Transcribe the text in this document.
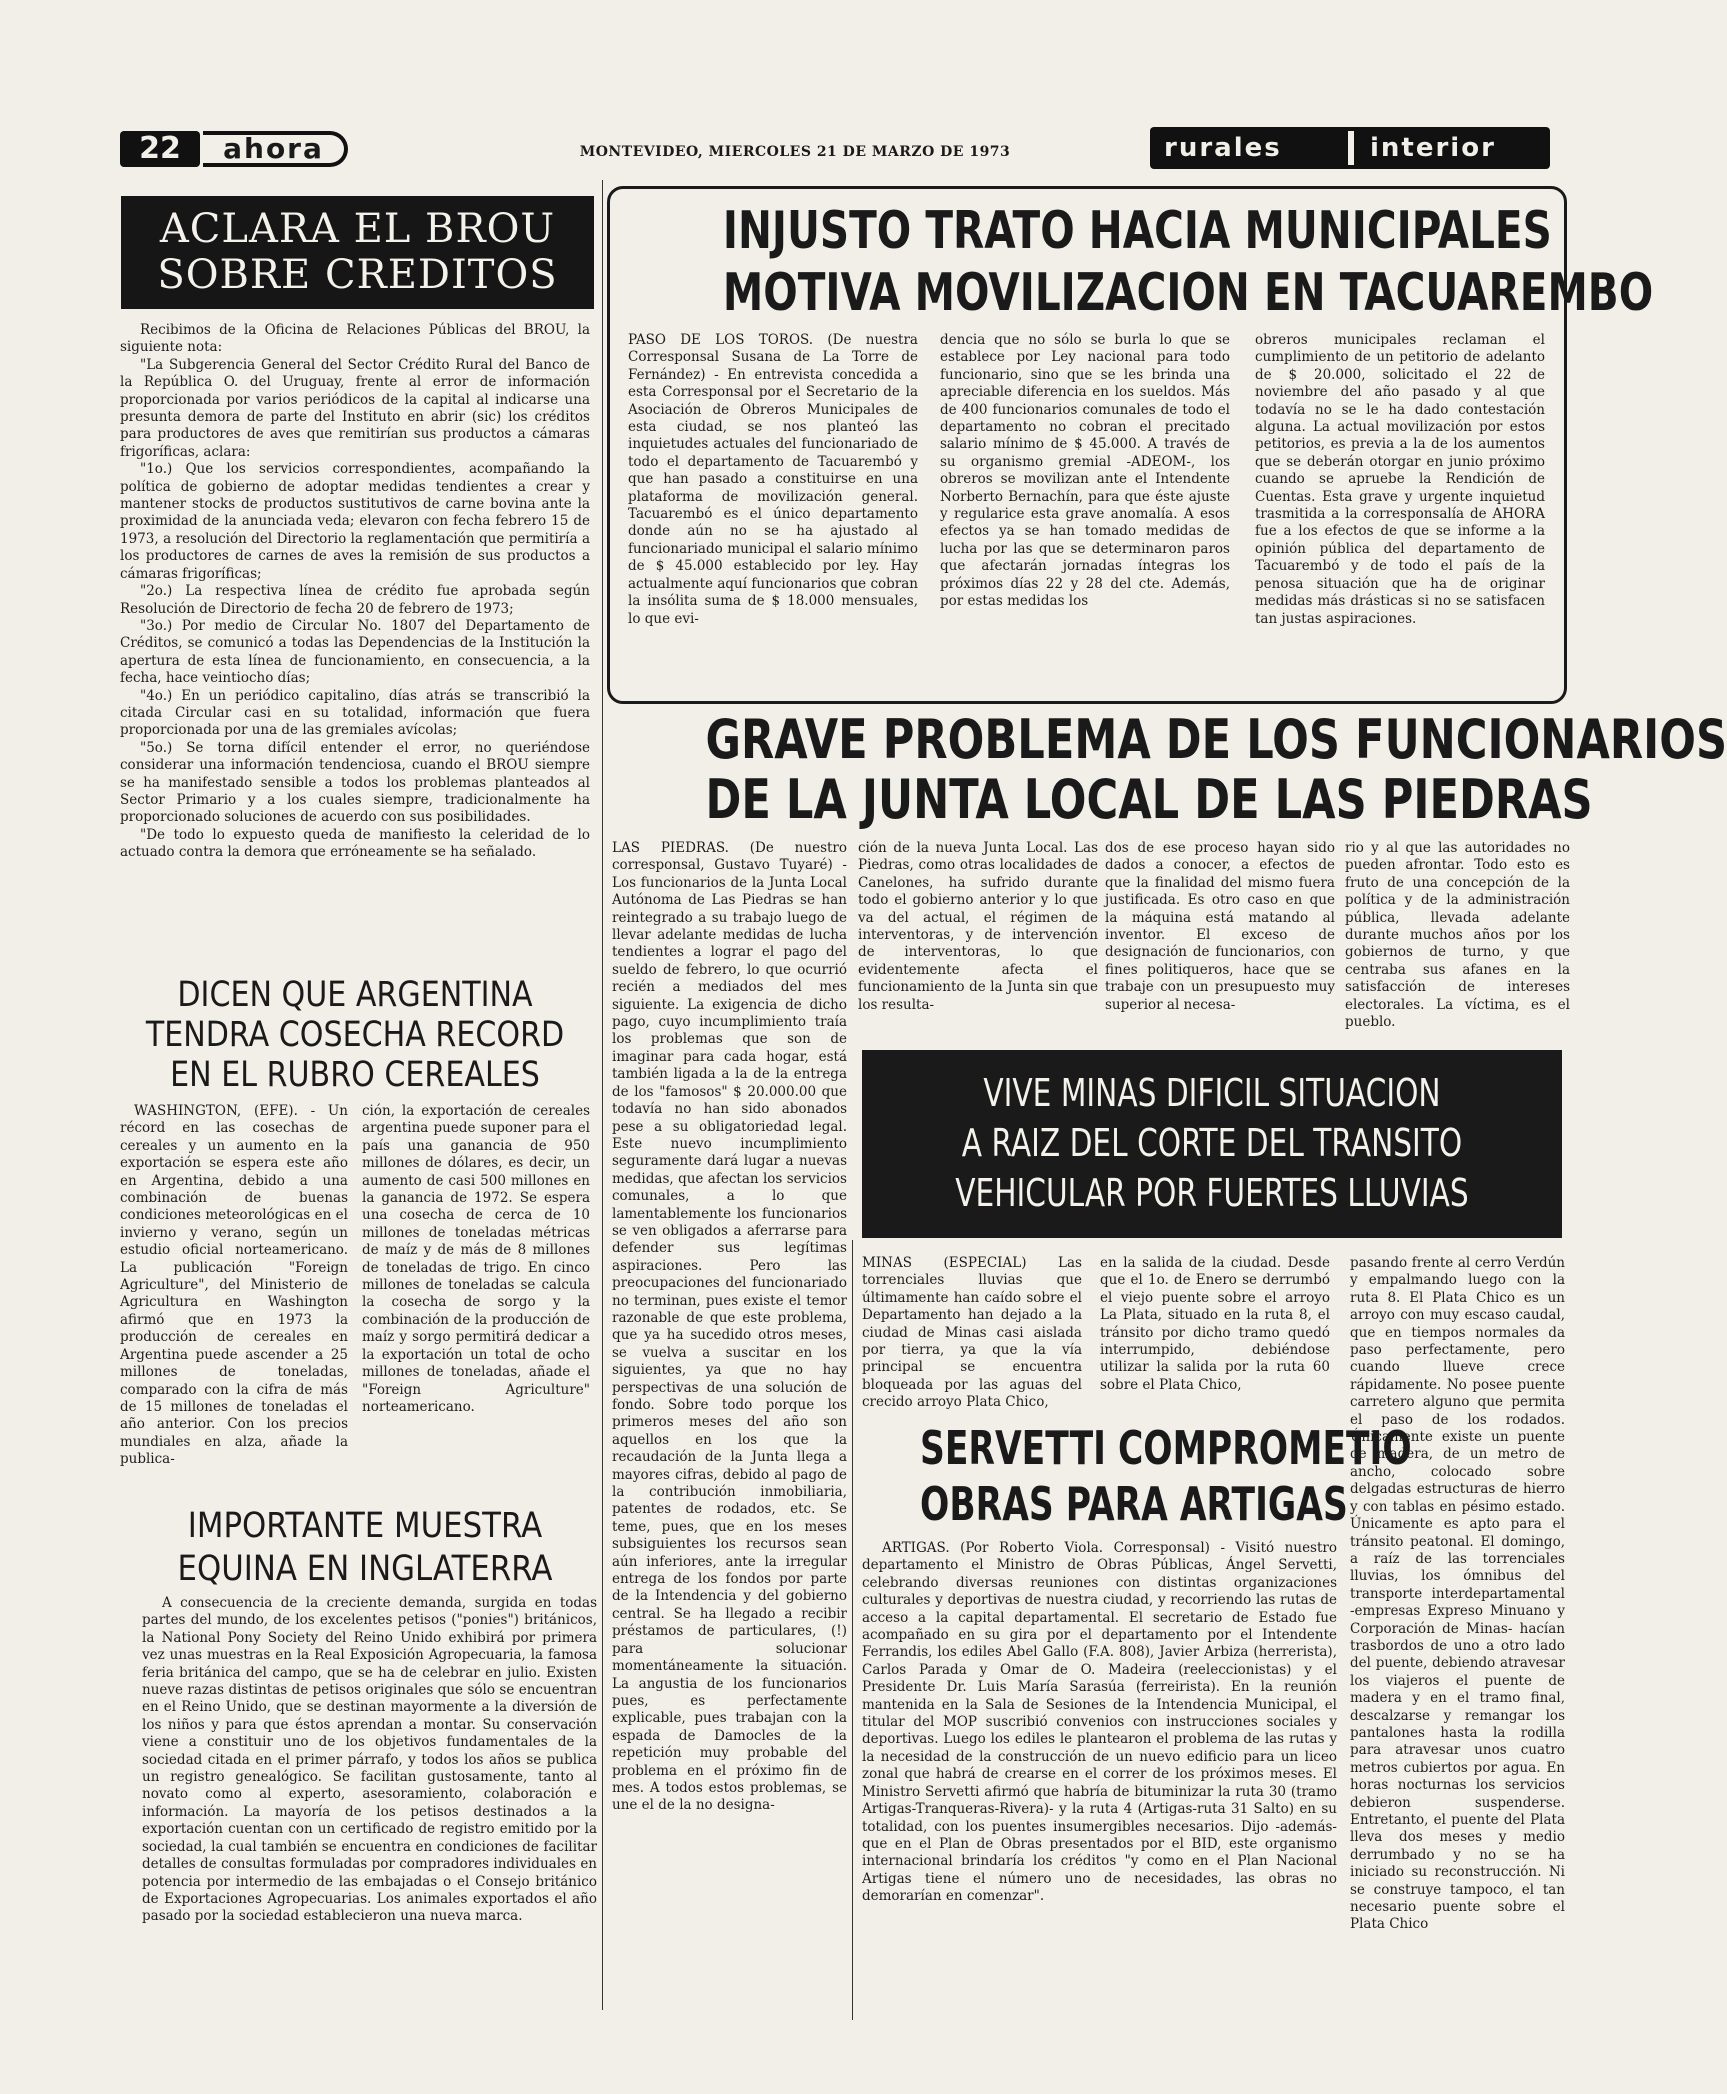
22	ahora	MONTEVIDEO, MIERCOLES 21 DE MARZO DE 1973	rurales	interior
ACLARA EL BROU
SOBRE CREDITOS

Recibimos de la Oficina de Relaciones Públicas del BROU, la siguiente nota:

"La Subgerencia General del Sector Crédito Rural del Banco de la República O. del Uruguay, frente al error de información proporcionada por varios periódicos de la capital al indicarse una presunta demora de parte del Instituto en abrir (sic) los créditos para productores de aves que remitirían sus productos a cámaras frigoríficas, aclara:

"1o.) Que los servicios correspondientes, acompañando la política de gobierno de adoptar medidas tendientes a crear y mantener stocks de productos sustitutivos de carne bovina ante la proximidad de la anunciada veda; elevaron con fecha febrero 15 de 1973, a resolución del Directorio la reglamentación que permitiría a los productores de carnes de aves la remisión de sus productos a cámaras frigoríficas;

"2o.) La respectiva línea de crédito fue aprobada según Resolución de Directorio de fecha 20 de febrero de 1973;

"3o.) Por medio de Circular No. 1807 del Departamento de Créditos, se comunicó a todas las Dependencias de la Institución la apertura de esta línea de funcionamiento, en consecuencia, a la fecha, hace veintiocho días;

"4o.) En un periódico capitalino, días atrás se transcribió la citada Circular casi en su totalidad, información que fuera proporcionada por una de las gremiales avícolas;

"5o.) Se torna difícil entender el error, no queriéndose considerar una información tendenciosa, cuando el BROU siempre se ha manifestado sensible a todos los problemas planteados al Sector Primario y a los cuales siempre, tradicionalmente ha proporcionado soluciones de acuerdo con sus posibilidades.

"De todo lo expuesto queda de manifiesto la celeridad de lo actuado contra la demora que erróneamente se ha señalado.

DICEN QUE ARGENTINA
TENDRA COSECHA RECORD
EN EL RUBRO CEREALES
WASHINGTON, (EFE). - Un récord en las cosechas de cereales y un aumento en la exportación se espera este año en Argentina, debido a una combinación de buenas condiciones meteorológicas en el invierno y verano, según un estudio oficial norteamericano. La publicación "Foreign Agriculture", del Ministerio de Agricultura en Washington afirmó que en 1973 la producción de cereales en Argentina puede ascender a 25 millones de toneladas, comparado con la cifra de más de 15 millones de toneladas el año anterior. Con los precios mundiales en alza, añade la publica-
ción, la exportación de cereales argentina puede suponer para el país una ganancia de 950 millones de dólares, es decir, un aumento de casi 500 millones en la ganancia de 1972. Se espera una cosecha de cerca de 10 millones de toneladas métricas de maíz y de más de 8 millones de toneladas de trigo. En cinco millones de toneladas se calcula la cosecha de sorgo y la combinación de la producción de maíz y sorgo permitirá dedicar a la exportación un total de ocho millones de toneladas, añade el "Foreign Agriculture" norteamericano.
IMPORTANTE MUESTRA
EQUINA EN INGLATERRA
A consecuencia de la creciente demanda, surgida en todas partes del mundo, de los excelentes petisos ("ponies") británicos, la National Pony Society del Reino Unido exhibirá por primera vez unas muestras en la Real Exposición Agropecuaria, la famosa feria británica del campo, que se ha de celebrar en julio. Existen nueve razas distintas de petisos originales que sólo se encuentran en el Reino Unido, que se destinan mayormente a la diversión de los niños y para que éstos aprendan a montar. Su conservación viene a constituir uno de los objetivos fundamentales de la sociedad citada en el primer párrafo, y todos los años se publica un registro genealógico. Se facilitan gustosamente, tanto al novato como al experto, asesoramiento, colaboración e información. La mayoría de los petisos destinados a la exportación cuentan con un certificado de registro emitido por la sociedad, la cual también se encuentra en condiciones de facilitar detalles de consultas formuladas por compradores individuales en potencia por intermedio de las embajadas o el Consejo británico de Exportaciones Agropecuarias. Los animales exportados el año pasado por la sociedad establecieron una nueva marca.
INJUSTO TRATO HACIA MUNICIPALES
MOTIVA MOVILIZACION EN TACUAREMBO
PASO DE LOS TOROS. (De nuestra Corresponsal Susana de La Torre de Fernández) - En entrevista concedida a esta Corresponsal por el Secretario de la Asociación de Obreros Municipales de esta ciudad, se nos planteó las inquietudes actuales del funcionariado de todo el departamento de Tacuarembó y que han pasado a constituirse en una plataforma de movilización general. Tacuarembó es el único departamento donde aún no se ha ajustado al funcionariado municipal el salario mínimo de $ 45.000 establecido por ley. Hay actualmente aquí funcionarios que cobran la insólita suma de $ 18.000 mensuales, lo que evi-
dencia que no sólo se burla lo que se establece por Ley nacional para todo funcionario, sino que se les brinda una apreciable diferencia en los sueldos. Más de 400 funcionarios comunales de todo el departamento no cobran el precitado salario mínimo de $ 45.000. A través de su organismo gremial -ADEOM-, los obreros se movilizan ante el Intendente Norberto Bernachín, para que éste ajuste y regularice esta grave anomalía. A esos efectos ya se han tomado medidas de lucha por las que se determinaron paros que afectarán jornadas íntegras los próximos días 22 y 28 del cte. Además, por estas medidas los
obreros municipales reclaman el cumplimiento de un petitorio de adelanto de $ 20.000, solicitado el 22 de noviembre del año pasado y al que todavía no se le ha dado contestación alguna. La actual movilización por estos petitorios, es previa a la de los aumentos que se deberán otorgar en junio próximo cuando se apruebe la Rendición de Cuentas. Esta grave y urgente inquietud trasmitida a la corresponsalía de AHORA fue a los efectos de que se informe a la opinión pública del departamento de Tacuarembó y de todo el país de la penosa situación que ha de originar medidas más drásticas si no se satisfacen tan justas aspiraciones.
GRAVE PROBLEMA DE LOS FUNCIONARIOS
DE LA JUNTA LOCAL DE LAS PIEDRAS
LAS PIEDRAS. (De nuestro corresponsal, Gustavo Tuyaré) - Los funcionarios de la Junta Local Autónoma de Las Piedras se han reintegrado a su trabajo luego de llevar adelante medidas de lucha tendientes a lograr el pago del sueldo de febrero, lo que ocurrió recién a mediados del mes siguiente. La exigencia de dicho pago, cuyo incumplimiento traía los problemas que son de imaginar para cada hogar, está también ligada a la de la entrega de los "famosos" $ 20.000.00 que todavía no han sido abonados pese a su obligatoriedad legal. Este nuevo incumplimiento seguramente dará lugar a nuevas medidas, que afectan los servicios comunales, a lo que lamentablemente los funcionarios se ven obligados a aferrarse para defender sus legítimas aspiraciones. Pero las preocupaciones del funcionariado no terminan, pues existe el temor razonable de que este problema, que ya ha sucedido otros meses, se vuelva a suscitar en los siguientes, ya que no hay perspectivas de una solución de fondo. Sobre todo porque los primeros meses del año son aquellos en los que la recaudación de la Junta llega a mayores cifras, debido al pago de la contribución inmobiliaria, patentes de rodados, etc. Se teme, pues, que en los meses subsiguientes los recursos sean aún inferiores, ante la irregular entrega de los fondos por parte de la Intendencia y del gobierno central. Se ha llegado a recibir préstamos de particulares, (!) para solucionar momentáneamente la situación. La angustia de los funcionarios pues, es perfectamente explicable, pues trabajan con la espada de Damocles de la repetición muy probable del problema en el próximo fin de mes. A todos estos problemas, se une el de la no designa-
ción de la nueva Junta Local. Las Piedras, como otras localidades de Canelones, ha sufrido durante todo el gobierno anterior y lo que va del actual, el régimen de interventoras, y de intervención de interventoras, lo que evidentemente afecta el funcionamiento de la Junta sin que los resulta-
dos de ese proceso hayan sido dados a conocer, a efectos de que la finalidad del mismo fuera justificada. Es otro caso en que la máquina está matando al inventor. El exceso de designación de funcionarios, con fines politiqueros, hace que se trabaje con un presupuesto muy superior al necesa-
rio y al que las autoridades no pueden afrontar. Todo esto es fruto de una concepción de la política y de la administración pública, llevada adelante durante muchos años por los gobiernos de turno, y que centraba sus afanes en la satisfacción de intereses electorales. La víctima, es el pueblo.
VIVE MINAS DIFICIL SITUACION
A RAIZ DEL CORTE DEL TRANSITO
VEHICULAR POR FUERTES LLUVIAS
MINAS (ESPECIAL) Las torrenciales lluvias que últimamente han caído sobre el Departamento han dejado a la ciudad de Minas casi aislada por tierra, ya que la vía principal se encuentra bloqueada por las aguas del crecido arroyo Plata Chico,
en la salida de la ciudad. Desde que el 1o. de Enero se derrumbó el viejo puente sobre el arroyo La Plata, situado en la ruta 8, el tránsito por dicho tramo quedó interrumpido, debiéndose utilizar la salida por la ruta 60 sobre el Plata Chico,
pasando frente al cerro Verdún y empalmando luego con la ruta 8. El Plata Chico es un arroyo con muy escaso caudal, que en tiempos normales da paso perfectamente, pero cuando llueve crece rápidamente. No posee puente carretero alguno que permita el paso de los rodados. Únicamente existe un puente de madera, de un metro de ancho, colocado sobre delgadas estructuras de hierro y con tablas en pésimo estado. Únicamente es apto para el tránsito peatonal. El domingo, a raíz de las torrenciales lluvias, los ómnibus del transporte interdepartamental -empresas Expreso Minuano y Corporación de Minas- hacían trasbordos de uno a otro lado del puente, debiendo atravesar los viajeros el puente de madera y en el tramo final, descalzarse y remangar los pantalones hasta la rodilla para atravesar unos cuatro metros cubiertos por agua. En horas nocturnas los servicios debieron suspenderse. Entretanto, el puente del Plata lleva dos meses y medio derrumbado y no se ha iniciado su reconstrucción. Ni se construye tampoco, el tan necesario puente sobre el Plata Chico
SERVETTI COMPROMETIO
OBRAS PARA ARTIGAS
ARTIGAS. (Por Roberto Viola. Corresponsal) - Visitó nuestro departamento el Ministro de Obras Públicas, Ángel Servetti, celebrando diversas reuniones con distintas organizaciones culturales y deportivas de nuestra ciudad, y recorriendo las rutas de acceso a la capital departamental. El secretario de Estado fue acompañado en su gira por el departamento por el Intendente Ferrandis, los ediles Abel Gallo (F.A. 808), Javier Arbiza (herrerista), Carlos Parada y Omar de O. Madeira (reeleccionistas) y el Presidente Dr. Luis María Sarasúa (ferreirista). En la reunión mantenida en la Sala de Sesiones de la Intendencia Municipal, el titular del MOP suscribió convenios con instrucciones sociales y deportivas. Luego los ediles le plantearon el problema de las rutas y la necesidad de la construcción de un nuevo edificio para un liceo zonal que habrá de crearse en el correr de los próximos meses. El Ministro Servetti afirmó que habría de bituminizar la ruta 30 (tramo Artigas-Tranqueras-Rivera)- y la ruta 4 (Artigas-ruta 31 Salto) en su totalidad, con los puentes insumergibles necesarios. Dijo -además- que en el Plan de Obras presentados por el BID, este organismo internacional brindaría los créditos "y como en el Plan Nacional Artigas tiene el número uno de necesidades, las obras no demorarían en comenzar".
